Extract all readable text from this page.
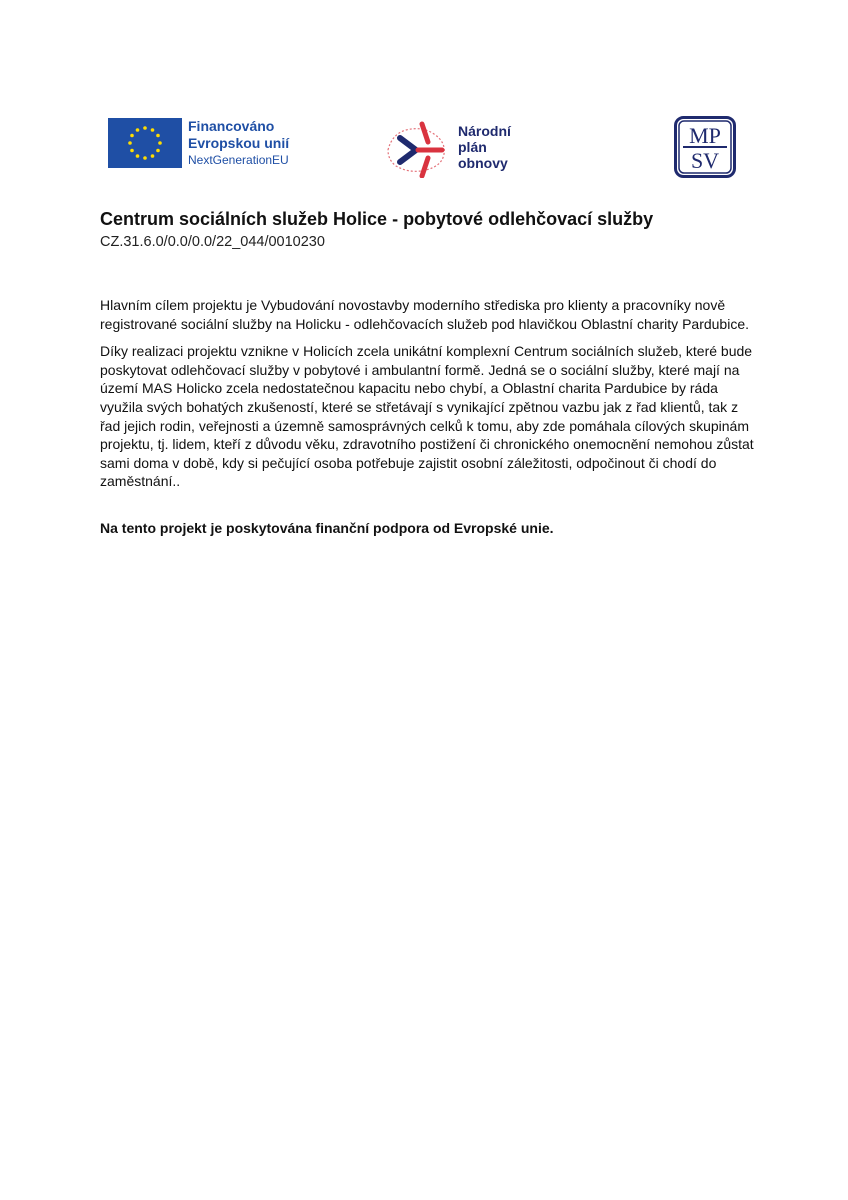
Financováno
Evropskou unií
NextGenerationEU
Národní
plán
obnovy
MP
SV
Centrum sociálních služeb Holice - pobytové odlehčovací služby

CZ.31.6.0/0.0/0.0/22_044/0010230

Hlavním cílem projektu je Vybudování novostavby moderního střediska pro klienty a pracovníky nově registrované sociální služby na Holicku - odlehčovacích služeb pod hlavičkou Oblastní charity Pardubice.

Díky realizaci projektu vznikne v Holicích zcela unikátní komplexní Centrum sociálních služeb, které bude poskytovat odlehčovací služby v pobytové i ambulantní formě. Jedná se o sociální služby, které mají na území MAS Holicko zcela nedostatečnou kapacitu nebo chybí, a Oblastní charita Pardubice by ráda využila svých bohatých zkušeností, které se střetávají s vynikající zpětnou vazbu jak z řad klientů, tak z řad jejich rodin, veřejnosti a územně samosprávných celků k tomu, aby zde pomáhala cílových skupinám projektu, tj. lidem, kteří z důvodu věku, zdravotního postižení či chronického onemocnění nemohou zůstat sami doma v době, kdy si pečující osoba potřebuje zajistit osobní záležitosti, odpočinout či chodí do zaměstnání..

Na tento projekt je poskytována finanční podpora od Evropské unie.
